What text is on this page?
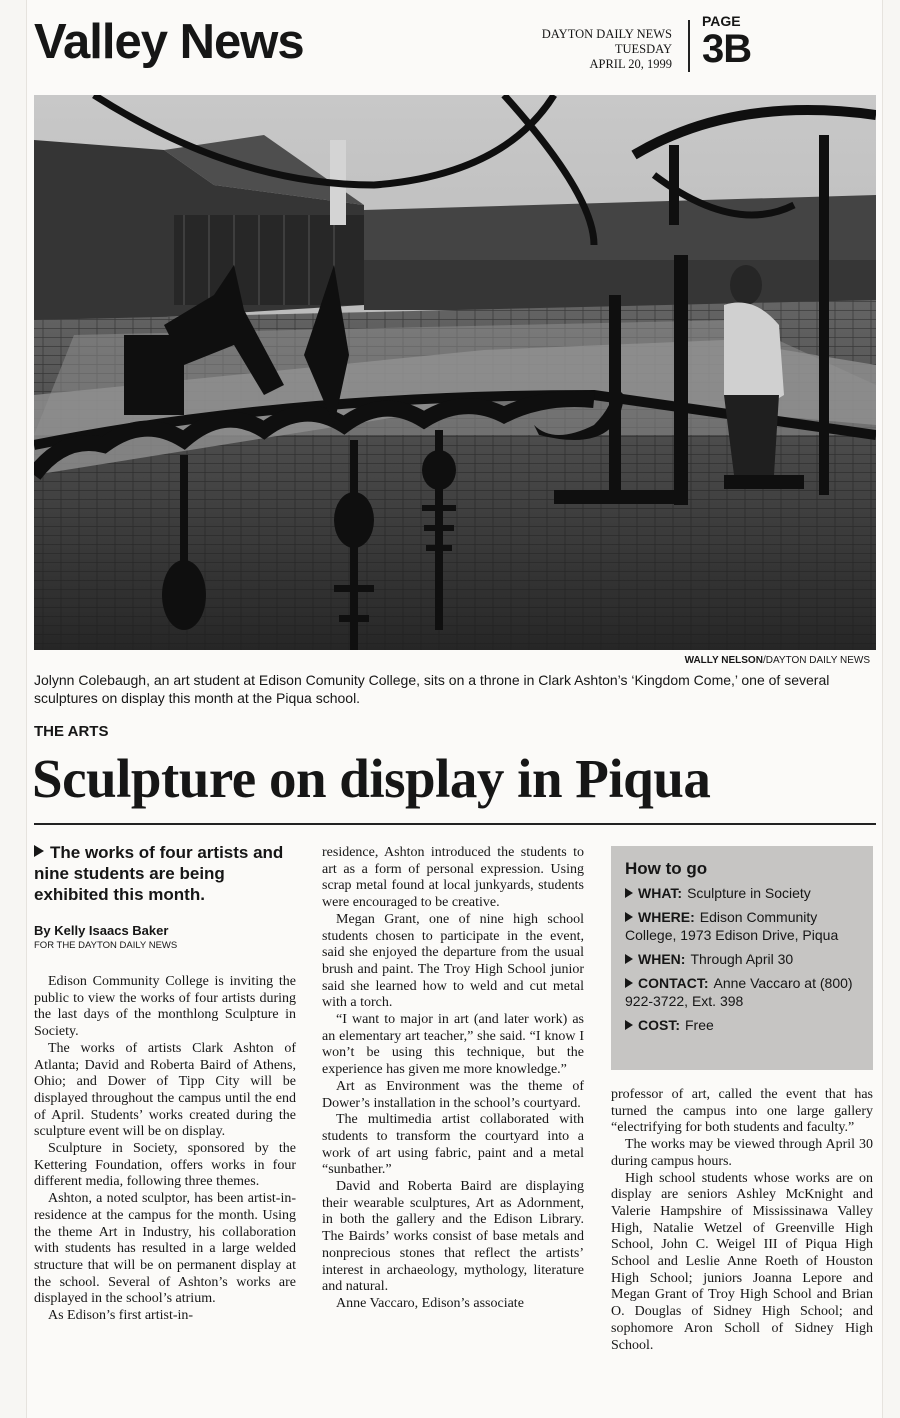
Valley News	DAYTON DAILY NEWS
TUESDAY
APRIL 20, 1999
PAGE
3B
WALLY NELSON/DAYTON DAILY NEWS
Jolynn Colebaugh, an art student at Edison Comunity College, sits on a throne in Clark Ashton’s ‘Kingdom Come,’ one of several sculptures on display this month at the Piqua school.
THE ARTS
Sculpture on display in Piqua
The works of four artists and nine students are being exhibited this month.
By Kelly Isaacs Baker
FOR THE DAYTON DAILY NEWS

Edison Community College is inviting the public to view the works of four artists during the last days of the monthlong Sculpture in Society.

The works of artists Clark Ashton of Atlanta; David and Roberta Baird of Athens, Ohio; and Dower of Tipp City will be displayed throughout the campus until the end of April. Students’ works created during the sculpture event will be on display.

Sculpture in Society, sponsored by the Kettering Foundation, offers works in four different media, following three themes.

Ashton, a noted sculptor, has been artist-in-residence at the campus for the month. Using the theme Art in Industry, his collaboration with students has resulted in a large welded structure that will be on permanent display at the school. Several of Ashton’s works are displayed in the school’s atrium.

As Edison’s first artist-in-

residence, Ashton introduced the students to art as a form of personal expression. Using scrap metal found at local junkyards, students were encouraged to be creative.

Megan Grant, one of nine high school students chosen to participate in the event, said she enjoyed the departure from the usual brush and paint. The Troy High School junior said she learned how to weld and cut metal with a torch.

“I want to major in art (and later work) as an elementary art teacher,” she said. “I know I won’t be using this technique, but the experience has given me more knowledge.”

Art as Environment was the theme of Dower’s installation in the school’s courtyard.

The multimedia artist collaborated with students to transform the courtyard into a work of art using fabric, paint and a metal “sunbather.”

David and Roberta Baird are displaying their wearable sculptures, Art as Adornment, in both the gallery and the Edison Library. The Bairds’ works consist of base metals and nonprecious stones that reflect the artists’ interest in archaeology, mythology, literature and natural.

Anne Vaccaro, Edison’s associate

How to go
WHAT: Sculpture in Society
WHERE: Edison Community College, 1973 Edison Drive, Piqua
WHEN: Through April 30
CONTACT: Anne Vaccaro at (800) 922-3722, Ext. 398
COST: Free

professor of art, called the event that has turned the campus into one large gallery “electrifying for both students and faculty.”

The works may be viewed through April 30 during campus hours.

High school students whose works are on display are seniors Ashley McKnight and Valerie Hampshire of Mississinawa Valley High, Natalie Wetzel of Greenville High School, John C. Weigel III of Piqua High School and Leslie Anne Roeth of Houston High School; juniors Joanna Lepore and Megan Grant of Troy High School and Brian O. Douglas of Sidney High School; and sophomore Aron Scholl of Sidney High School.
